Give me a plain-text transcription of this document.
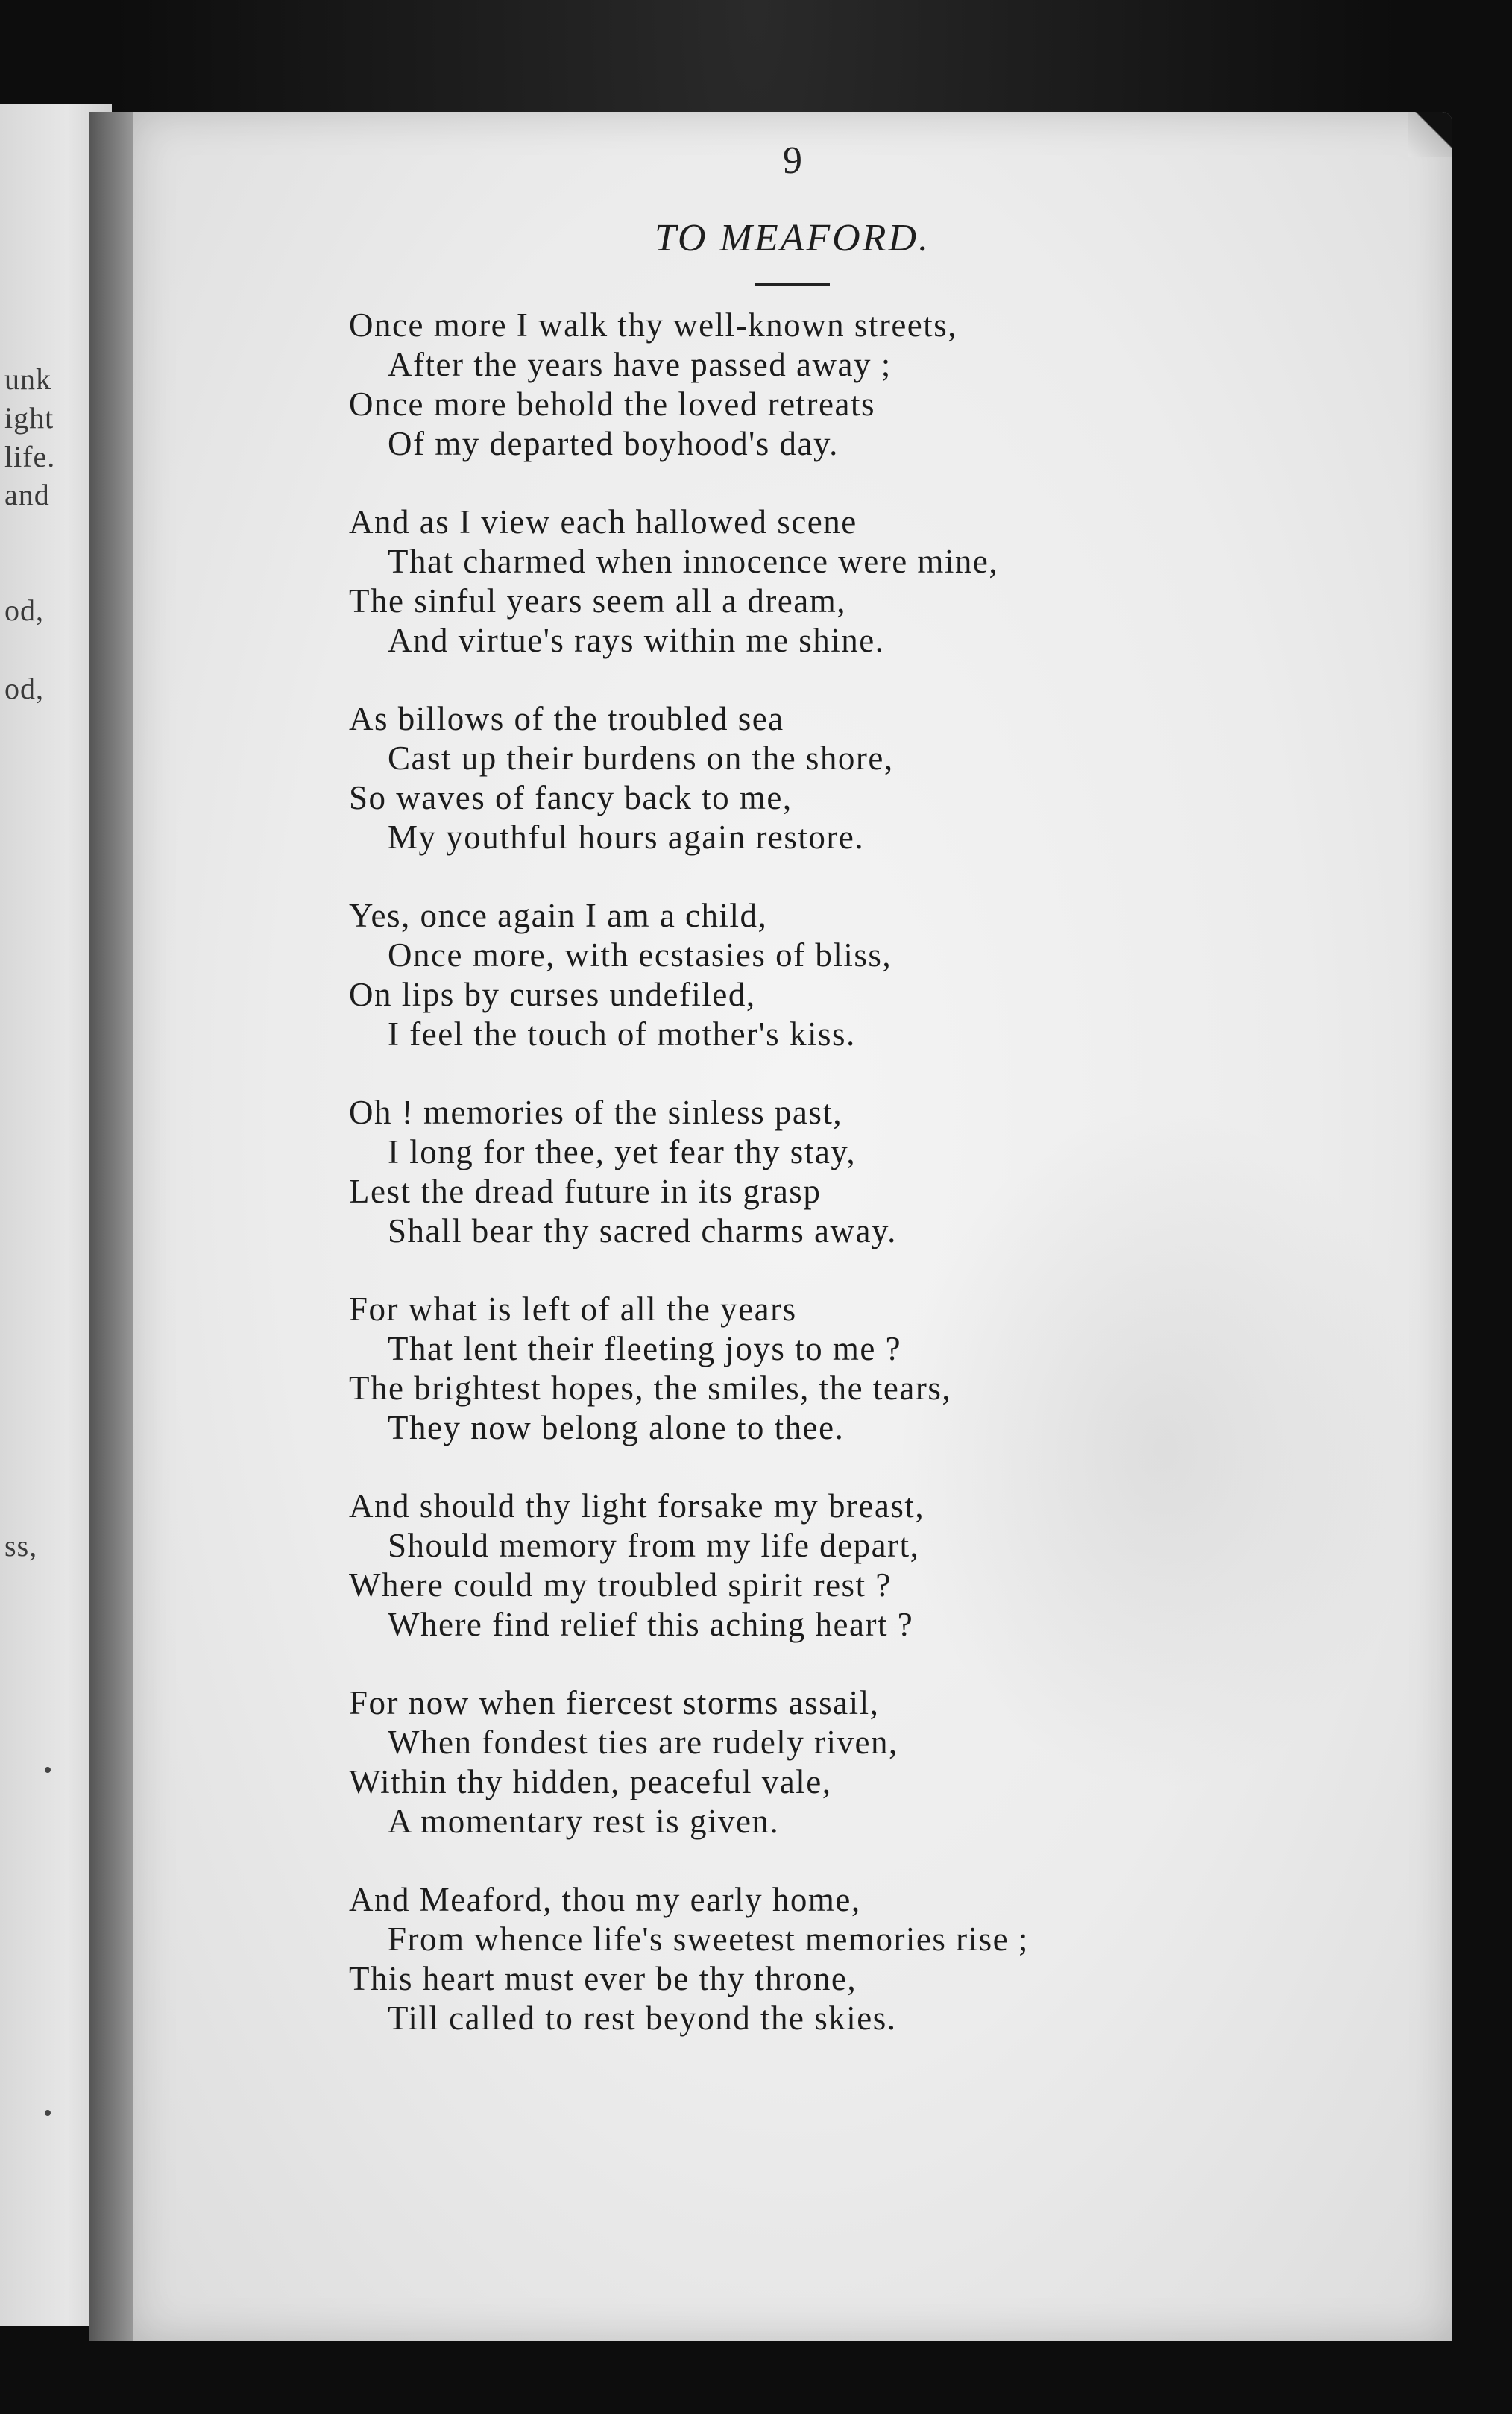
unk
ight
life.
and
od,
od,
ss,
9
TO MEAFORD.
Once more I walk thy well-known streets,
After the years have passed away ;
Once more behold the loved retreats
Of my departed boyhood's day.
And as I view each hallowed scene
That charmed when innocence were mine,
The sinful years seem all a dream,
And virtue's rays within me shine.
As billows of the troubled sea
Cast up their burdens on the shore,
So waves of fancy back to me,
My youthful hours again restore.
Yes, once again I am a child,
Once more, with ecstasies of bliss,
On lips by curses undefiled,
I feel the touch of mother's kiss.
Oh ! memories of the sinless past,
I long for thee, yet fear thy stay,
Lest the dread future in its grasp
Shall bear thy sacred charms away.
For what is left of all the years
That lent their fleeting joys to me ?
The brightest hopes, the smiles, the tears,
They now belong alone to thee.
And should thy light forsake my breast,
Should memory from my life depart,
Where could my troubled spirit rest ?
Where find relief this aching heart ?
For now when fiercest storms assail,
When fondest ties are rudely riven,
Within thy hidden, peaceful vale,
A momentary rest is given.
And Meaford, thou my early home,
From whence life's sweetest memories rise ;
This heart must ever be thy throne,
Till called to rest beyond the skies.
